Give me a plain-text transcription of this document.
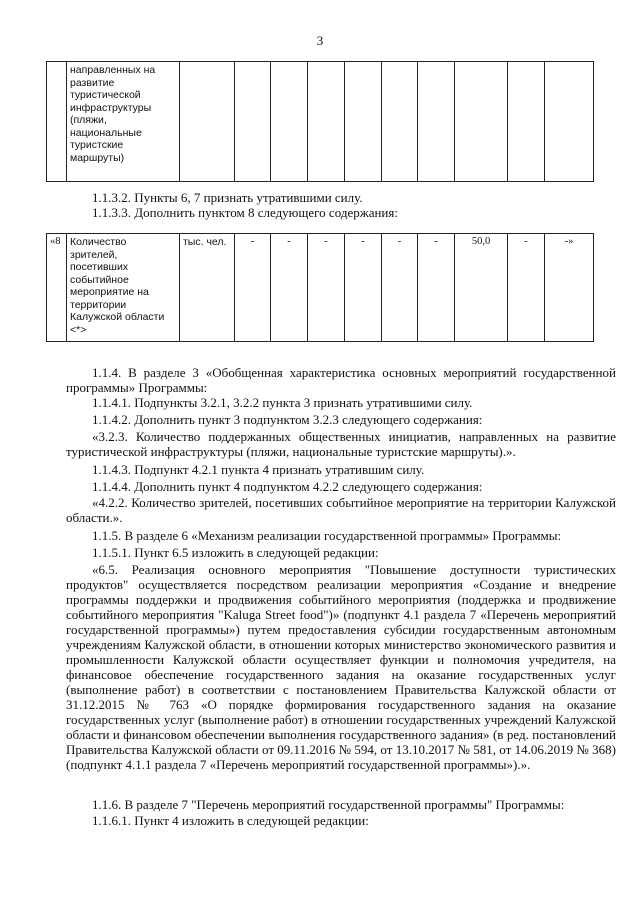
3
	направленных на развитие туристической инфраструктуры (пляжи, национальные туристские маршруты)										
1.1.3.2. Пункты 6, 7 признать утратившими силу.
1.1.3.3. Дополнить пунктом 8 следующего содержания:
«8	Количество зрителей, посетивших событийное мероприятие на территории Калужской области <*>	тыс. чел.	-	-	-	-	-	-	50,0	-	-»
1.1.4. В разделе 3 «Обобщенная характеристика основных мероприятий государственной программы» Программы:
1.1.4.1. Подпункты 3.2.1, 3.2.2 пункта 3 признать утратившими силу.
1.1.4.2. Дополнить пункт 3 подпунктом 3.2.3 следующего содержания:
«3.2.3. Количество поддержанных общественных инициатив, направленных на развитие туристической инфраструктуры (пляжи, национальные туристские маршруты).».
1.1.4.3. Подпункт 4.2.1 пункта 4 признать утратившим силу.
1.1.4.4. Дополнить пункт 4 подпунктом 4.2.2 следующего содержания:
«4.2.2. Количество зрителей, посетивших событийное мероприятие на территории Калужской области.».
1.1.5. В разделе 6 «Механизм реализации государственной программы» Программы:
1.1.5.1. Пункт 6.5 изложить в следующей редакции:
«6.5. Реализация основного мероприятия "Повышение доступности туристических продуктов" осуществляется посредством реализации мероприятия «Создание и внедрение программы поддержки и продвижения событийного мероприятия (поддержка и продвижение событийного мероприятия "Kaluga Street food")» (подпункт 4.1 раздела 7 «Перечень мероприятий государственной программы») путем предоставления субсидии государственным автономным учреждениям Калужской области, в отношении которых министерство экономического развития и промышленности Калужской области осуществляет функции и полномочия учредителя, на финансовое обеспечение государственного задания на оказание государственных услуг (выполнение работ) в соответствии с постановлением Правительства Калужской области от 31.12.2015 № 763 «О порядке формирования государственного задания на оказание государственных услуг (выполнение работ) в отношении государственных учреждений Калужской области и финансовом обеспечении выполнения государственного задания» (в ред. постановлений Правительства Калужской области от 09.11.2016 № 594, от 13.10.2017 № 581, от 14.06.2019 № 368) (подпункт 4.1.1 раздела 7 «Перечень мероприятий государственной программы»).».
1.1.6. В разделе 7 "Перечень мероприятий государственной программы" Программы:
1.1.6.1. Пункт 4 изложить в следующей редакции:
